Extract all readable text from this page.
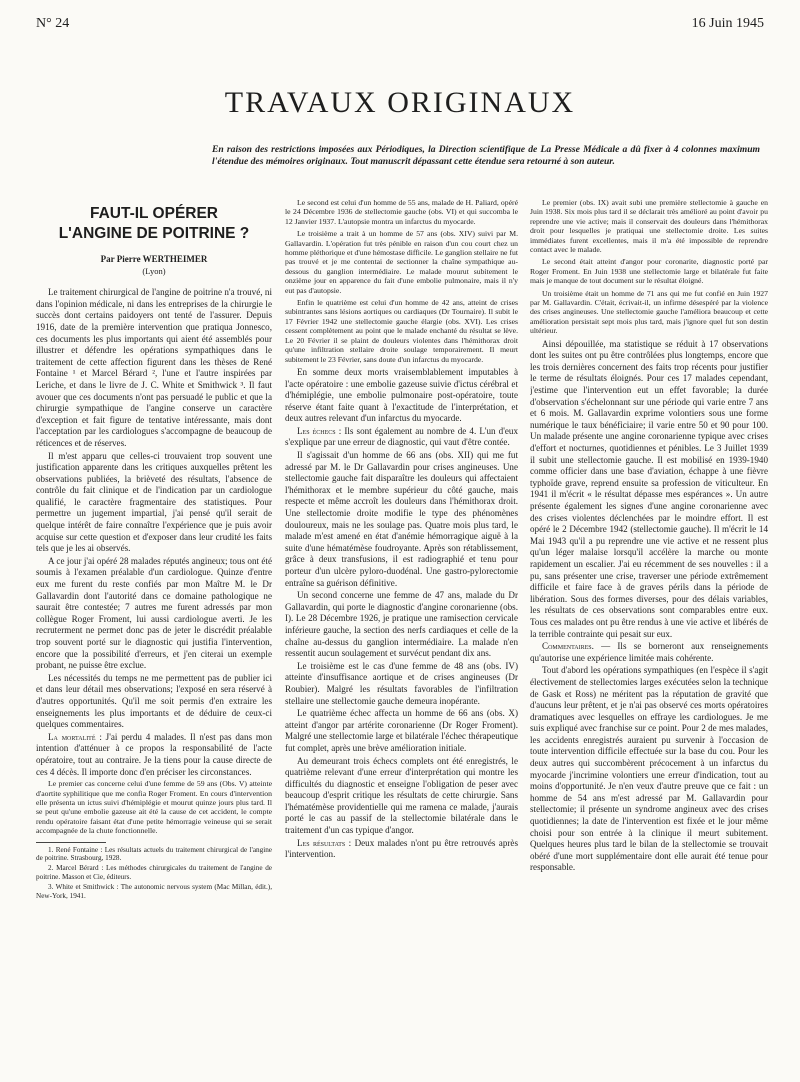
N° 24	16 Juin 1945
TRAVAUX ORIGINAUX
En raison des restrictions imposées aux Périodiques, la Direction scientifique de La Presse Médicale a dû fixer à 4 colonnes maximum l'étendue des mémoires originaux. Tout manuscrit dépassant cette étendue sera retourné à son auteur.
FAUT-IL OPÉRER
L'ANGINE DE POITRINE ?
Par Pierre WERTHEIMER
(Lyon)

Le traitement chirurgical de l'angine de poitrine n'a trouvé, ni dans l'opinion médicale, ni dans les entreprises de la chirurgie le succès dont certains paidoyers ont tenté de l'assurer. Depuis 1916, date de la première intervention que pratiqua Jonnesco, ces documents les plus importants qui aient été assemblés pour illustrer et défendre les opérations sympathiques dans le traitement de cette affection figurent dans les thèses de René Fontaine ¹ et Marcel Bérard ², l'une et l'autre inspirées par Leriche, et dans le livre de J. C. White et Smithwick ³. Il faut avouer que ces documents n'ont pas persuadé le public et que la chirurgie sympathique de l'angine conserve un caractère d'exception et fait figure de tentative intéressante, mais dont l'acceptation par les cardiologues s'accompagne de beaucoup de réticences et de réserves.

Il m'est apparu que celles-ci trouvaient trop souvent une justification apparente dans les critiques auxquelles prêtent les observations publiées, la brièveté des résultats, l'absence de contrôle du fait clinique et de l'indication par un cardiologue qualifié, le caractère fragmentaire des statistiques. Pour permettre un jugement impartial, j'ai pensé qu'il serait de quelque intérêt de faire connaître l'expérience que je puis avoir acquise sur cette question et d'exposer dans leur crudité les faits tels que je les ai observés.

A ce jour j'ai opéré 28 malades réputés angineux; tous ont été soumis à l'examen préalable d'un cardiologue. Quinze d'entre eux me furent du reste confiés par mon Maître M. le Dr Gallavardin dont l'autorité dans ce domaine pathologique ne saurait être contestée; 7 autres me furent adressés par mon collègue Roger Froment, lui aussi cardiologue averti. Je les recruterment ne permet donc pas de jeter le discrédit préalable trop souvent porté sur le diagnostic qui justifia l'intervention, encore que la possibilité d'erreurs, et j'en citerai un exemple probant, ne puisse être exclue.

Les nécessités du temps ne me permettent pas de publier ici et dans leur détail mes observations; l'exposé en sera réservé à d'autres opportunités. Qu'il me soit permis d'en extraire les enseignements les plus importants et de déduire de ceux-ci quelques commentaires.

La mortalité : J'ai perdu 4 malades. Il n'est pas dans mon intention d'atténuer à ce propos la responsabilité de l'acte opératoire, tout au contraire. Je la tiens pour la cause directe de ces 4 décès. Il importe donc d'en préciser les circonstances.

Le premier cas concerne celui d'une femme de 59 ans (Obs. V) atteinte d'aortite syphilitique que me confia Roger Froment. En cours d'intervention elle présenta un ictus suivi d'hémiplégie et mourut quinze jours plus tard. Il se peut qu'une embolie gazeuse ait été la cause de cet accident, le compte rendu opératoire faisant état d'une petite hémorragie veineuse qui se serait accompagnée de la chute fonctionnelle.

1. René Fontaine : Les résultats actuels du traitement chirurgical de l'angine de poitrine. Strasbourg, 1928.

2. Marcel Bérard : Les méthodes chirurgicales du traitement de l'angine de poitrine. Masson et Cie, éditeurs.

3. White et Smithwick : The autonomic nervous system (Mac Millan, édit.), New-York, 1941.

Le second est celui d'un homme de 55 ans, malade de H. Paliard, opéré le 24 Décembre 1936 de stellectomie gauche (obs. VI) et qui succomba le 12 Janvier 1937. L'autopsie montra un infarctus du myocarde.

Le troisième a trait à un homme de 57 ans (obs. XIV) suivi par M. Gallavardin. L'opération fut très pénible en raison d'un cou court chez un homme pléthorique et d'une hémostase difficile. Le ganglion stellaire ne fut pas trouvé et je me contentai de sectionner la chaîne sympathique au-dessous du ganglion intermédiaire. Le malade mourut subitement le onzième jour en apparence du fait d'une embolie pulmonaire, mais il n'y eut pas d'autopsie.

Enfin le quatrième est celui d'un homme de 42 ans, atteint de crises subintrantes sans lésions aortiques ou cardiaques (Dr Tournaire). Il subit le 17 Février 1942 une stellectomie gauche élargie (obs. XVI). Les crises cessent complètement au point que le malade enchanté du résultat se lève. Le 20 Février il se plaint de douleurs violentes dans l'hémithorax droit qu'une infiltration stellaire droite soulage temporairement. Il meurt subitement le 23 Février, sans doute d'un infarctus du myocarde.

En somme deux morts vraisemblablement imputables à l'acte opératoire : une embolie gazeuse suivie d'ictus cérébral et d'hémiplégie, une embolie pulmonaire post-opératoire, toute réserve étant faite quant à l'exactitude de l'interprétation, et deux autres relevant d'un infarctus du myocarde.

Les échecs : Ils sont également au nombre de 4. L'un d'eux s'explique par une erreur de diagnostic, qui vaut d'être contée.

Il s'agissait d'un homme de 66 ans (obs. XII) qui me fut adressé par M. le Dr Gallavardin pour crises angineuses. Une stellectomie gauche fait disparaître les douleurs qui affectaient l'hémithorax et le membre supérieur du côté gauche, mais respecte et même accroît les douleurs dans l'hémithorax droit. Une stellectomie droite modifie le type des phénomènes douloureux, mais ne les soulage pas. Quatre mois plus tard, le malade m'est amené en état d'anémie hémorragique aiguë à la suite d'une hématémèse foudroyante. Après son rétablissement, grâce à deux transfusions, il est radiographié et tenu pour porteur d'un ulcère pyloro-duodénal. Une gastro-pylorectomie entraîne sa guérison définitive.

Un second concerne une femme de 47 ans, malade du Dr Gallavardin, qui porte le diagnostic d'angine coronarienne (obs. I). Le 28 Décembre 1926, je pratique une ramisection cervicale inférieure gauche, la section des nerfs cardiaques et celle de la chaîne au-dessus du ganglion intermédiaire. La malade n'en ressentit aucun soulagement et survécut pendant dix ans.

Le troisième est le cas d'une femme de 48 ans (obs. IV) atteinte d'insuffisance aortique et de crises angineuses (Dr Roubier). Malgré les résultats favorables de l'infiltration stellaire une stellectomie gauche demeura inopérante.

Le quatrième échec affecta un homme de 66 ans (obs. X) atteint d'angor par artérite coronarienne (Dr Roger Froment). Malgré une stellectomie large et bilatérale l'échec thérapeutique fut complet, après une brève amélioration initiale.

Au demeurant trois échecs complets ont été enregistrés, le quatrième relevant d'une erreur d'interprétation qui montre les difficultés du diagnostic et enseigne l'obligation de peser avec beaucoup d'esprit critique les résultats de cette chirurgie. Sans l'hématémèse providentielle qui me ramena ce malade, j'aurais porté le cas au passif de la stellectomie bilatérale dans le traitement d'un cas typique d'angor.

Les résultats : Deux malades n'ont pu être retrouvés après l'intervention.

Le premier (obs. IX) avait subi une première stellectomie à gauche en Juin 1938. Six mois plus tard il se déclarait très amélioré au point d'avoir pu reprendre une vie active; mais il conservait des douleurs dans l'hémithorax droit pour lesquelles je pratiquai une stellectomie droite. Les suites immédiates furent excellentes, mais il m'a été impossible de reprendre contact avec le malade.

Le second était atteint d'angor pour coronarite, diagnostic porté par Roger Froment. En Juin 1938 une stellectomie large et bilatérale fut faite mais je manque de tout document sur le résultat éloigné.

Un troisième était un homme de 71 ans qui me fut confié en Juin 1927 par M. Gallavardin. C'était, écrivait-il, un infirme désespéré par la violence des crises angineuses. Une stellectomie gauche l'améliora beaucoup et cette amélioration persistait sept mois plus tard, mais j'ignore quel fut son destin ultérieur.

Ainsi dépouillée, ma statistique se réduit à 17 observations dont les suites ont pu être contrôlées plus longtemps, encore que les trois dernières concernent des faits trop récents pour justifier le terme de résultats éloignés. Pour ces 17 malades cependant, j'estime que l'intervention eut un effet favorable; la durée d'observation s'échelonnant sur une période qui varie entre 7 ans et 6 mois. M. Gallavardin exprime volontiers sous une forme numérique le taux bénéficiaire; il varie entre 50 et 90 pour 100. Un malade présente une angine coronarienne typique avec crises d'effort et nocturnes, quotidiennes et pénibles. Le 3 Juillet 1939 il subit une stellectomie gauche. Il est mobilisé en 1939-1940 comme officier dans une base d'aviation, échappe à une fièvre typhoïde grave, reprend ensuite sa profession de viticulteur. En 1941 il m'écrit « le résultat dépasse mes espérances ». Un autre présente également les signes d'une angine coronarienne avec des crises violentes déclenchées par le moindre effort. Il est opéré le 2 Décembre 1942 (stellectomie gauche). Il m'écrit le 14 Mai 1943 qu'il a pu reprendre une vie active et ne ressent plus qu'un léger malaise lorsqu'il accélère la marche ou monte rapidement un escalier. J'ai eu récemment de ses nouvelles : il a pu, sans présenter une crise, traverser une période extrêmement difficile et faire face à de graves périls dans la période de libération. Sous des formes diverses, pour des délais variables, les résultats de ces observations sont comparables entre eux. Tous ces malades ont pu être rendus à une vie active et libérés de la terrible contrainte qui pesait sur eux.

Commentaires. — Ils se borneront aux renseignements qu'autorise une expérience limitée mais cohérente.

Tout d'abord les opérations sympathiques (en l'espèce il s'agit électivement de stellectomies larges exécutées selon la technique de Gask et Ross) ne méritent pas la réputation de gravité que d'aucuns leur prêtent, et je n'ai pas observé ces morts opératoires dramatiques avec lesquelles on effraye les cardiologues. Je me suis expliqué avec franchise sur ce point. Pour 2 de mes malades, les accidents enregistrés auraient pu survenir à l'occasion de toute intervention difficile effectuée sur la base du cou. Pour les deux autres qui succombèrent précocement à un infarctus du myocarde j'incrimine volontiers une erreur d'indication, tout au moins d'opportunité. Je n'en veux d'autre preuve que ce fait : un homme de 54 ans m'est adressé par M. Gallavardin pour stellectomie; il présente un syndrome angineux avec des crises quotidiennes; la date de l'intervention est fixée et le jour même choisi pour son entrée à la clinique il meurt subitement. Quelques heures plus tard le bilan de la stellectomie se trouvait obéré d'une mort supplémentaire dont elle aurait été tenue pour responsable.
